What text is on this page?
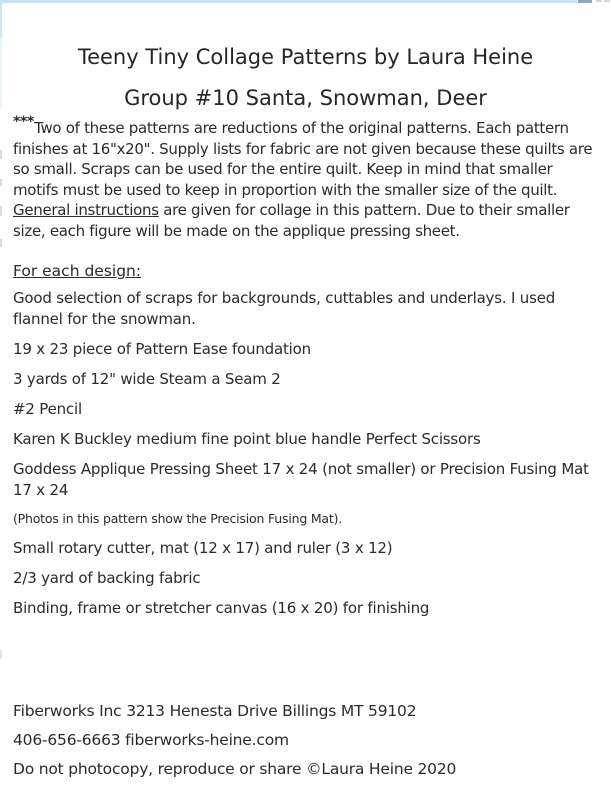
Teeny Tiny Collage Patterns by Laura Heine
Group #10 Santa, Snowman, Deer

***Two of these patterns are reductions of the original patterns. Each pattern finishes at 16"x20". Supply lists for fabric are not given because these quilts are so small. Scraps can be used for the entire quilt. Keep in mind that smaller motifs must be used to keep in proportion with the smaller size of the quilt. General instructions are given for collage in this pattern. Due to their smaller size, each figure will be made on the applique pressing sheet.

For each design:

Good selection of scraps for backgrounds, cuttables and underlays. I used flannel for the snowman.

19 x 23 piece of Pattern Ease foundation

3 yards of 12" wide Steam a Seam 2

#2 Pencil

Karen K Buckley medium fine point blue handle Perfect Scissors

Goddess Applique Pressing Sheet 17 x 24 (not smaller) or Precision Fusing Mat 17 x 24

(Photos in this pattern show the Precision Fusing Mat).

Small rotary cutter, mat (12 x 17) and ruler (3 x 12)

2/3 yard of backing fabric

Binding, frame or stretcher canvas (16 x 20) for finishing

Fiberworks Inc 3213 Henesta Drive Billings MT 59102

406-656-6663 fiberworks-heine.com

Do not photocopy, reproduce or share ©Laura Heine 2020
